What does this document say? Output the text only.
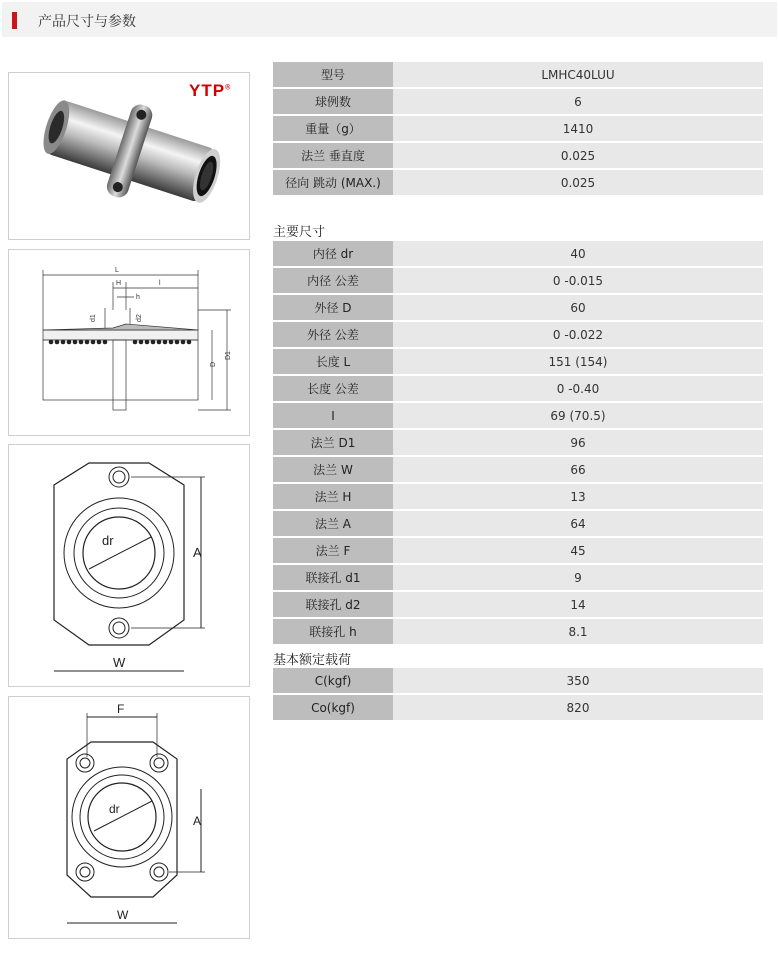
产品尺寸与参数
YTP®
L
H	l
h
d1	d2
D
D1
dr
A
W
F
dr
A
W
型号	LMHC40LUU
球例数	6
重量（g）	1410
法兰 垂直度	0.025
径向 跳动 (MAX.)	0.025
主要尺寸
内径 dr	40
内径 公差	0 -0.015
外径 D	60
外径 公差	0 -0.022
长度 L	151 (154)
长度 公差	0 -0.40
I	69 (70.5)
法兰 D1	96
法兰 W	66
法兰 H	13
法兰 A	64
法兰 F	45
联接孔 d1	9
联接孔 d2	14
联接孔 h	8.1
基本额定载荷
C(kgf)	350
Co(kgf)	820
